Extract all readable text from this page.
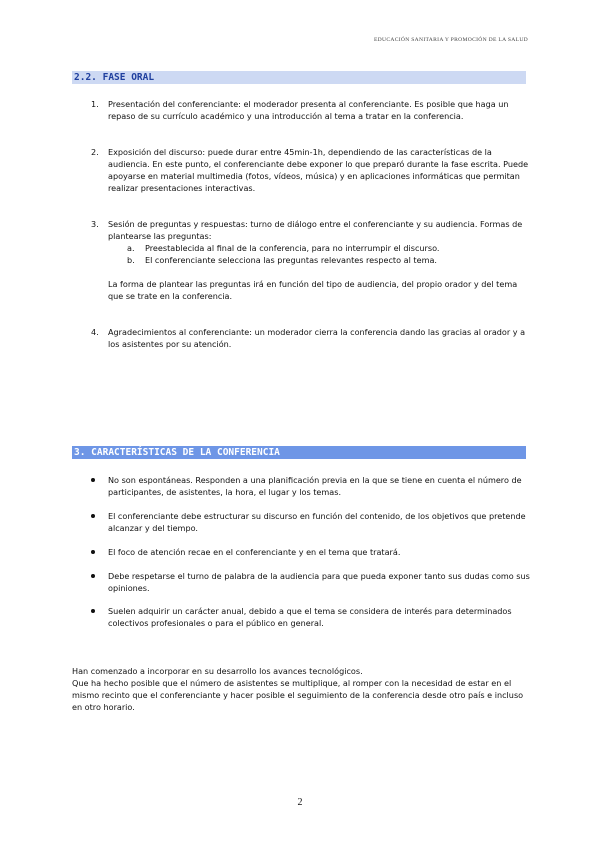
EDUCACIÓN SANITARIA Y PROMOCIÓN DE LA SALUD
2.2. FASE ORAL
1.	Presentación del conferenciante: el moderador presenta al conferenciante. Es posible que haga un repaso de su currículo académico y una introducción al tema a tratar en la conferencia.
2.	Exposición del discurso: puede durar entre 45min-1h, dependiendo de las características de la audiencia. En este punto, el conferenciante debe exponer lo que preparó durante la fase escrita. Puede apoyarse en material multimedia (fotos, vídeos, música) y en aplicaciones informáticas que permitan realizar presentaciones interactivas.
3.	Sesión de preguntas y respuestas: turno de diálogo entre el conferenciante y su audiencia. Formas de plantearse las preguntas:
a.	Preestablecida al final de la conferencia, para no interrumpir el discurso.
b.	El conferenciante selecciona las preguntas relevantes respecto al tema.
La forma de plantear las preguntas irá en función del tipo de audiencia, del propio orador y del tema que se trate en la conferencia.
4.	Agradecimientos al conferenciante: un moderador cierra la conferencia dando las gracias al orador y a los asistentes por su atención.
3. CARACTERÍSTICAS DE LA CONFERENCIA
No son espontáneas. Responden a una planificación previa en la que se tiene en cuenta el número de participantes, de asistentes, la hora, el lugar y los temas.
El conferenciante debe estructurar su discurso en función del contenido, de los objetivos que pretende alcanzar y del tiempo.
El foco de atención recae en el conferenciante y en el tema que tratará.
Debe respetarse el turno de palabra de la audiencia para que pueda exponer tanto sus dudas como sus opiniones.
Suelen adquirir un carácter anual, debido a que el tema se considera de interés para determinados colectivos profesionales o para el público en general.
Han comenzado a incorporar en su desarrollo los avances tecnológicos.
Que ha hecho posible que el número de asistentes se multiplique, al romper con la necesidad de estar en el mismo recinto que el conferenciante y hacer posible el seguimiento de la conferencia desde otro país e incluso en otro horario.
2
